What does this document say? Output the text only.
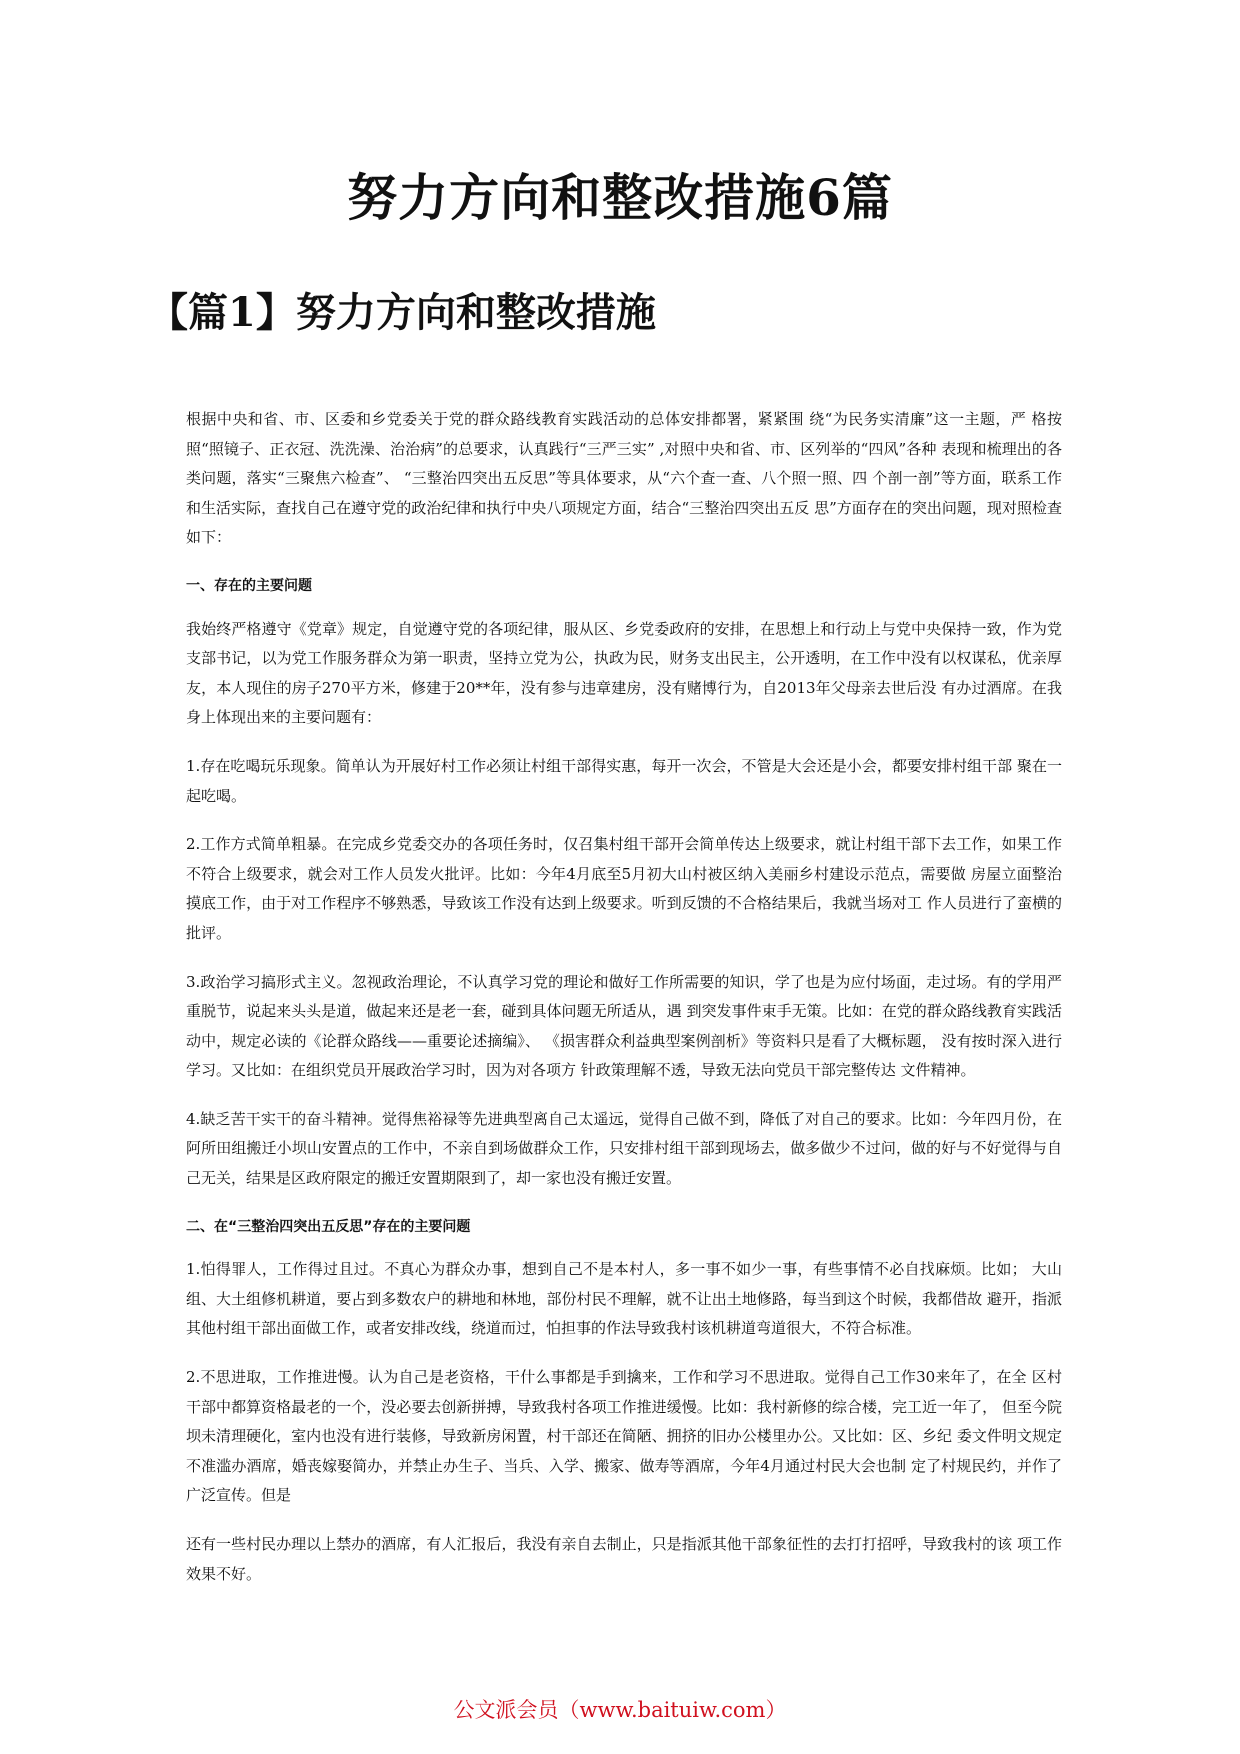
努力方向和整改措施6篇
【篇1】努力方向和整改措施

根据中央和省、市、区委和乡党委关于党的群众路线教育实践活动的总体安排都署，紧紧围 绕“为民务实清廉”这一主题，严 格按照“照镜子、正衣冠、洗洗澡、治治病”的总要求，认真践行“三严三实” ,对照中央和省、市、区列举的“四风”各种 表现和梳理出的各类问题，落实“三聚焦六检查”、 “三整治四突出五反思”等具体要求，从“六个查一查、八个照一照、四 个剖一剖”等方面，联系工作和生活实际，查找自己在遵守党的政治纪律和执行中央八项规定方面，结合“三整治四突出五反 思”方面存在的突出问题，现对照检查如下：

一、存在的主要问题

我始终严格遵守《党章》规定，自觉遵守党的各项纪律，服从区、乡党委政府的安排，在思想上和行动上与党中央保持一致，作为党支部书记，以为党工作服务群众为第一职责，坚持立党为公，执政为民，财务支出民主，公开透明，在工作中没有以权谋私，优亲厚友，本人现住的房子270平方米，修建于20**年，没有参与违章建房，没有赌博行为，自2013年父母亲去世后没 有办过酒席。在我身上体现出来的主要问题有：

1.存在吃喝玩乐现象。简单认为开展好村工作必须让村组干部得实惠，每开一次会，不管是大会还是小会，都要安排村组干部 聚在一起吃喝。

2.工作方式简单粗暴。在完成乡党委交办的各项任务时，仅召集村组干部开会简单传达上级要求，就让村组干部下去工作，如果工作不符合上级要求，就会对工作人员发火批评。比如：今年4月底至5月初大山村被区纳入美丽乡村建设示范点，需要做 房屋立面整治摸底工作，由于对工作程序不够熟悉，导致该工作没有达到上级要求。听到反馈的不合格结果后，我就当场对工 作人员进行了蛮横的批评。

3.政治学习搞形式主义。忽视政治理论，不认真学习党的理论和做好工作所需要的知识，学了也是为应付场面，走过场。有的学用严重脱节，说起来头头是道，做起来还是老一套，碰到具体问题无所适从，遇 到突发事件束手无策。比如：在党的群众路线教育实践活动中，规定必读的《论群众路线——重要论述摘编》、 《损害群众利益典型案例剖析》等资料只是看了大概标题， 没有按时深入进行学习。又比如：在组织党员开展政治学习时，因为对各项方 针政策理解不透，导致无法向党员干部完整传达 文件精神。

4.缺乏苦干实干的奋斗精神。觉得焦裕禄等先进典型离自己太遥远，觉得自己做不到，降低了对自己的要求。比如：今年四月份，在阿所田组搬迁小坝山安置点的工作中，不亲自到场做群众工作，只安排村组干部到现场去，做多做少不过问，做的好与不好觉得与自己无关，结果是区政府限定的搬迁安置期限到了，却一家也没有搬迁安置。

二、在“三整治四突出五反思”存在的主要问题

1.怕得罪人，工作得过且过。不真心为群众办事，想到自己不是本村人，多一事不如少一事，有些事情不必自找麻烦。比如； 大山组、大土组修机耕道，要占到多数农户的耕地和林地，部份村民不理解，就不让出土地修路，每当到这个时候，我都借故 避开，指派其他村组干部出面做工作，或者安排改线，绕道而过，怕担事的作法导致我村该机耕道弯道很大，不符合标准。

2.不思进取，工作推进慢。认为自己是老资格，干什么事都是手到擒来，工作和学习不思进取。觉得自己工作30来年了，在全 区村干部中都算资格最老的一个，没必要去创新拼搏，导致我村各项工作推进缓慢。比如：我村新修的综合楼，完工近一年了， 但至今院坝未清理硬化，室内也没有进行装修，导致新房闲置，村干部还在简陋、拥挤的旧办公楼里办公。又比如：区、乡纪 委文件明文规定不准滥办酒席，婚丧嫁娶简办，并禁止办生子、当兵、入学、搬家、做寿等酒席，今年4月通过村民大会也制 定了村规民约，并作了广泛宣传。但是

还有一些村民办理以上禁办的酒席，有人汇报后，我没有亲自去制止，只是指派其他干部象征性的去打打招呼，导致我村的该 项工作效果不好。

公文派会员（www.baituiw.com）
